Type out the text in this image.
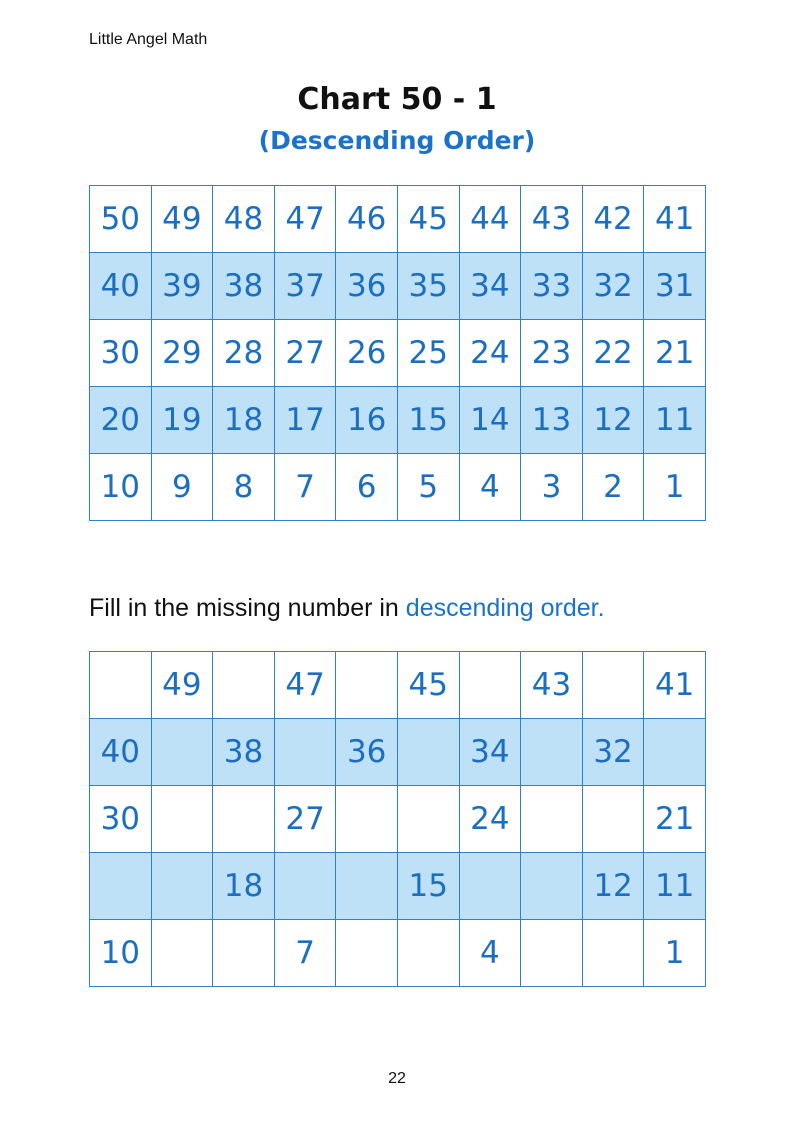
Little Angel Math
Chart 50 - 1
(Descending Order)
50	49	48	47	46	45	44	43	42	41
40	39	38	37	36	35	34	33	32	31
30	29	28	27	26	25	24	23	22	21
20	19	18	17	16	15	14	13	12	11
10	9	8	7	6	5	4	3	2	1
Fill in the missing number in descending order.
	49		47		45		43		41
40		38		36		34		32	
30			27			24			21
		18			15			12	11
10			7			4			1
22
